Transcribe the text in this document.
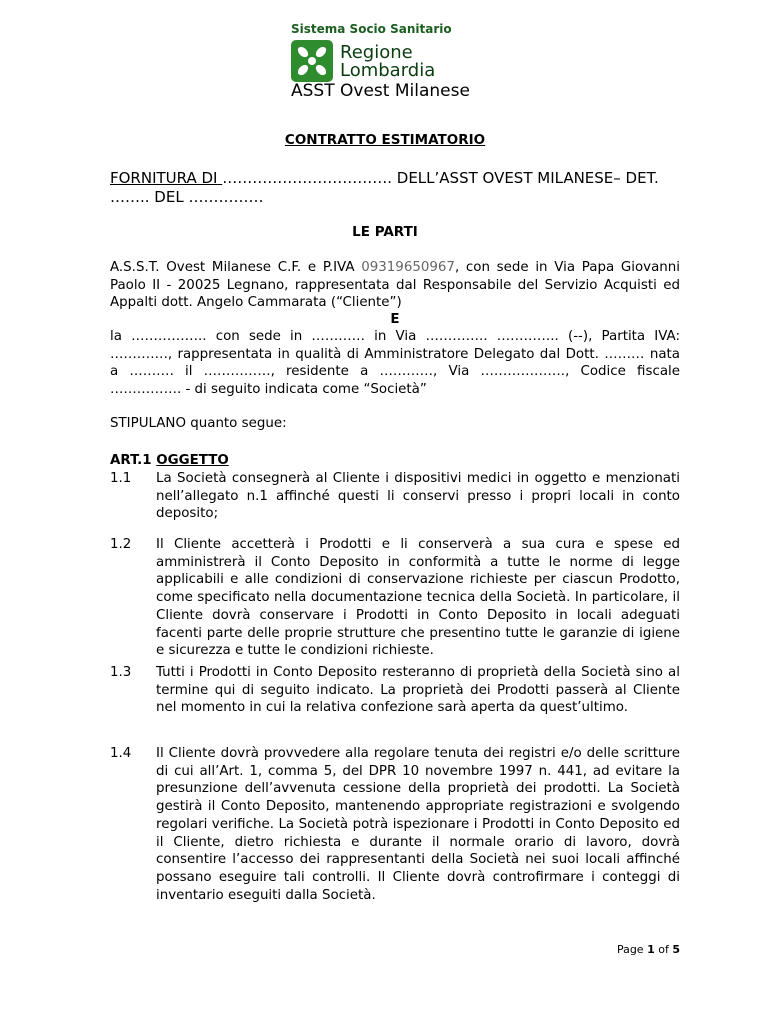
Sistema Socio Sanitario
Regione
Lombardia
ASST Ovest Milanese
CONTRATTO ESTIMATORIO
FORNITURA DI ……………………………. DELL’ASST OVEST MILANESE– DET.
…….. DEL ……………
LE PARTI
A.S.S.T. Ovest Milanese C.F. e P.IVA 09319650967, con sede in Via Papa Giovanni Paolo II - 20025 Legnano, rappresentata dal Responsabile del Servizio Acquisti ed Appalti dott. Angelo Cammarata (“Cliente”)
E
la …………….. con sede in ………… in Via ………….. ………….. (--), Partita IVA: …………., rappresentata in qualità di Amministratore Delegato dal Dott. ……… nata a ………. il ……………, residente a …………, Via ………………., Codice fiscale ……………. - di seguito indicata come “Società”
STIPULANO quanto segue:
ART.1 OGGETTO
1.1 La Società consegnerà al Cliente i dispositivi medici in oggetto e menzionati nell’allegato n.1 affinché questi li conservi presso i propri locali in conto deposito;
1.2 Il Cliente accetterà i Prodotti e li conserverà a sua cura e spese ed amministrerà il Conto Deposito in conformità a tutte le norme di legge applicabili e alle condizioni di conservazione richieste per ciascun Prodotto, come specificato nella documentazione tecnica della Società. In particolare, il Cliente dovrà conservare i Prodotti in Conto Deposito in locali adeguati facenti parte delle proprie strutture che presentino tutte le garanzie di igiene e sicurezza e tutte le condizioni richieste.
1.3 Tutti i Prodotti in Conto Deposito resteranno di proprietà della Società sino al termine qui di seguito indicato. La proprietà dei Prodotti passerà al Cliente nel momento in cui la relativa confezione sarà aperta da quest’ultimo.
1.4 Il Cliente dovrà provvedere alla regolare tenuta dei registri e/o delle scritture di cui all’Art. 1, comma 5, del DPR 10 novembre 1997 n. 441, ad evitare la presunzione dell’avvenuta cessione della proprietà dei prodotti. La Società gestirà il Conto Deposito, mantenendo appropriate registrazioni e svolgendo regolari verifiche. La Società potrà ispezionare i Prodotti in Conto Deposito ed il Cliente, dietro richiesta e durante il normale orario di lavoro, dovrà consentire l’accesso dei rappresentanti della Società nei suoi locali affinché possano eseguire tali controlli. Il Cliente dovrà controfirmare i conteggi di inventario eseguiti dalla Società.
Page 1 of 5
